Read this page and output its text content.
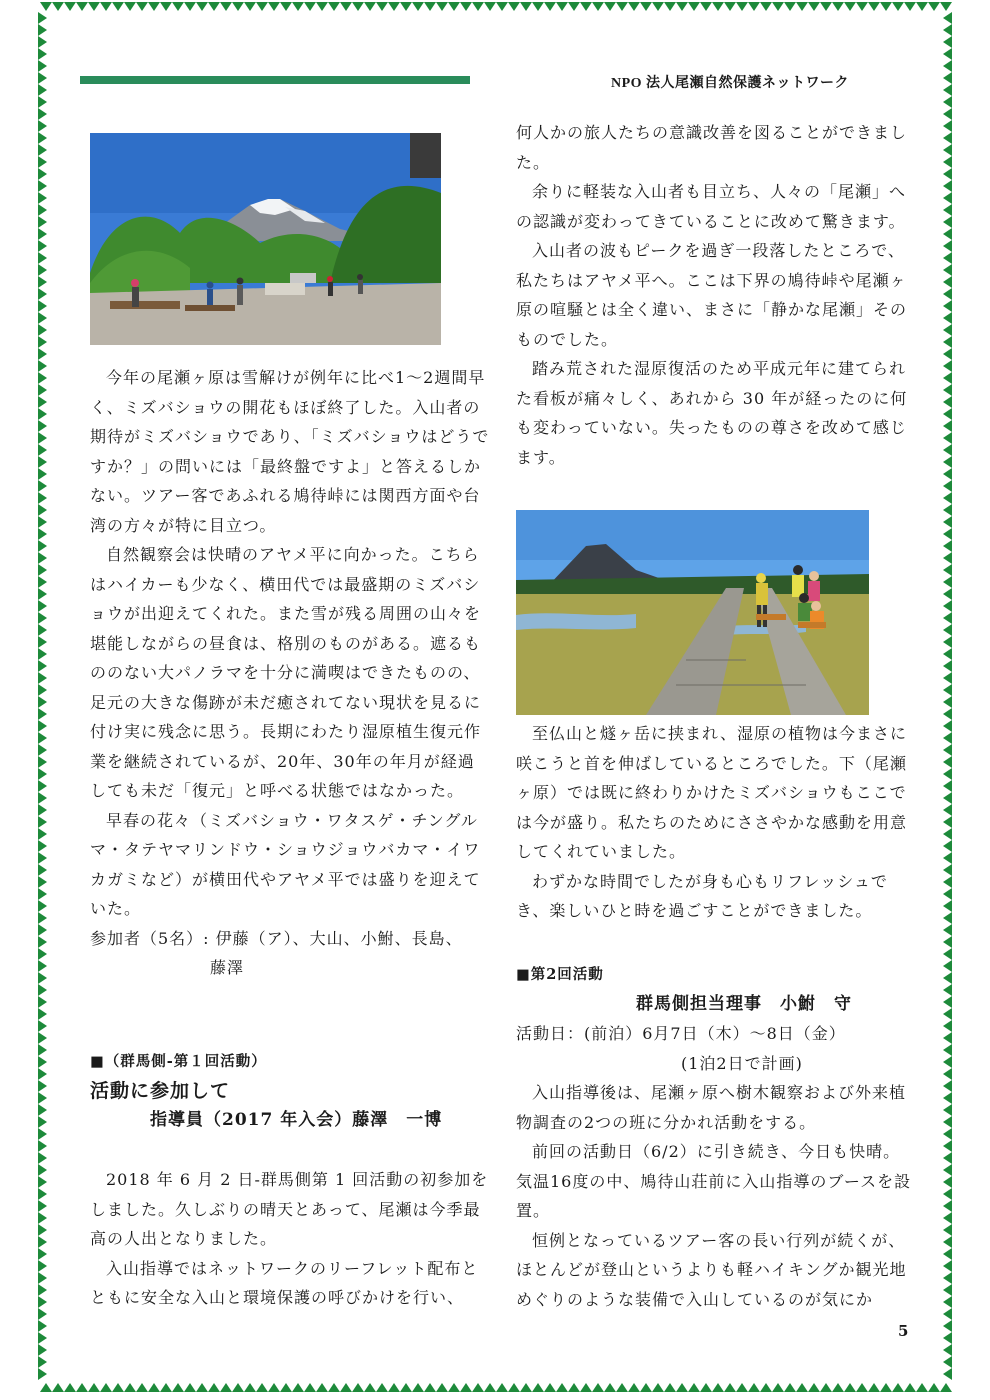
NPO 法人尾瀬自然保護ネットワーク

今年の尾瀬ヶ原は雪解けが例年に比べ1〜2週間早く、ミズバショウの開花もほぼ終了した。入山者の期待がミズバショウであり、「ミズバショウはどうですか？」の問いには「最終盤ですよ」と答えるしかない。ツアー客であふれる鳩待峠には関西方面や台湾の方々が特に目立つ。

自然観察会は快晴のアヤメ平に向かった。こちらはハイカーも少なく、横田代では最盛期のミズバショウが出迎えてくれた。また雪が残る周囲の山々を堪能しながらの昼食は、格別のものがある。遮るもののない大パノラマを十分に満喫はできたものの、足元の大きな傷跡が未だ癒されてない現状を見るに付け実に残念に思う。長期にわたり湿原植生復元作業を継続されているが、20年、30年の年月が経過しても未だ「復元」と呼べる状態ではなかった。

早春の花々（ミズバショウ・ワタスゲ・チングルマ・タテヤマリンドウ・ショウジョウバカマ・イワカガミなど）が横田代やアヤメ平では盛りを迎えていた。

参加者（5名）: 伊藤（ア）、大山、小鮒、長島、

藤澤

■（群馬側-第１回活動）

活動に参加して

指導員（2017 年入会）藤澤　一博

2018 年 6 月 2 日-群馬側第 1 回活動の初参加をしました。久しぶりの晴天とあって、尾瀬は今季最高の人出となりました。

入山指導ではネットワークのリーフレット配布とともに安全な入山と環境保護の呼びかけを行い、

何人かの旅人たちの意識改善を図ることができました。

余りに軽装な入山者も目立ち、人々の「尾瀬」への認識が変わってきていることに改めて驚きます。

入山者の波もピークを過ぎ一段落したところで、私たちはアヤメ平へ。ここは下界の鳩待峠や尾瀬ヶ原の喧騒とは全く違い、まさに「静かな尾瀬」そのものでした。

踏み荒された湿原復活のため平成元年に建てられた看板が痛々しく、あれから 30 年が経ったのに何も変わっていない。失ったものの尊さを改めて感じます。

至仏山と燧ヶ岳に挟まれ、湿原の植物は今まさに咲こうと首を伸ばしているところでした。下（尾瀬ヶ原）では既に終わりかけたミズバショウもここでは今が盛り。私たちのためにささやかな感動を用意してくれていました。

わずかな時間でしたが身も心もリフレッシュでき、楽しいひと時を過ごすことができました。

■第2回活動

群馬側担当理事　小鮒　守

活動日：(前泊）6月7日（木）〜8日（金）

(1泊2日で計画)

入山指導後は、尾瀬ヶ原へ樹木観察および外来植物調査の2つの班に分かれ活動をする。

前回の活動日（6/2）に引き続き、今日も快晴。気温16度の中、鳩待山荘前に入山指導のブースを設置。

恒例となっているツアー客の長い行列が続くが、ほとんどが登山というよりも軽ハイキングか観光地めぐりのような装備で入山しているのが気にか

5
